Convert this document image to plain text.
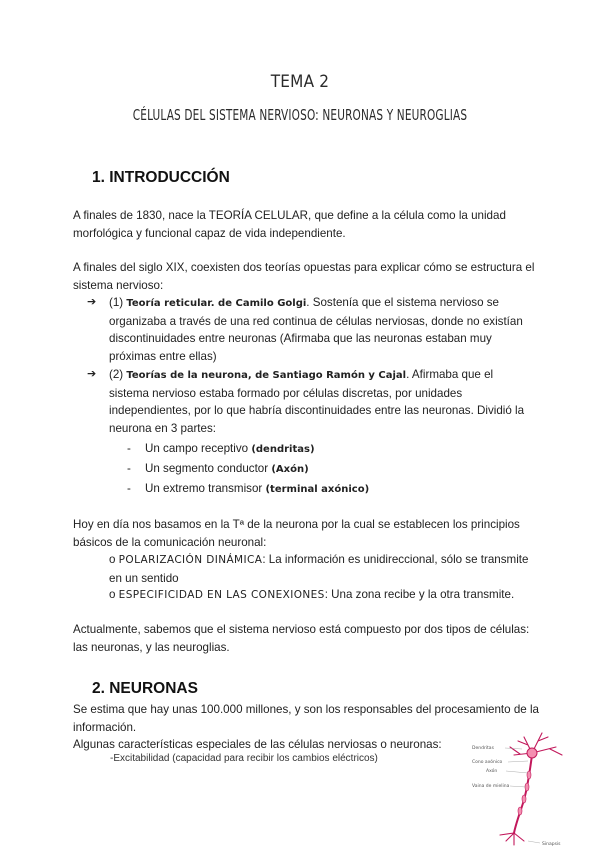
TEMA 2
CÉLULAS DEL SISTEMA NERVIOSO: NEURONAS Y NEUROGLIAS
1. INTRODUCCIÓN

A finales de 1830, nace la TEORÍA CELULAR, que define a la célula como la unidad morfológica y funcional capaz de vida independiente.

A finales del siglo XIX, coexisten dos teorías opuestas para explicar cómo se estructura el sistema nervioso:

➔ (1) Teoría reticular. de Camilo Golgi. Sostenía que el sistema nervioso se organizaba a través de una red continua de células nerviosas, donde no existían discontinuidades entre neuronas (Afirmaba que las neuronas estaban muy próximas entre ellas)
➔ (2) Teorías de la neurona, de Santiago Ramón y Cajal. Afirmaba que el sistema nervioso estaba formado por células discretas, por unidades independientes, por lo que habría discontinuidades entre las neuronas. Dividió la neurona en 3 partes:
- Un campo receptivo (dendritas)
- Un segmento conductor (Axón)
- Un extremo transmisor (terminal axónico)

Hoy en día nos basamos en la Tª de la neurona por la cual se establecen los principios básicos de la comunicación neuronal:

o POLARIZACIÓN DINÁMICA: La información es unidireccional, sólo se transmite en un sentido
o ESPECIFICIDAD EN LAS CONEXIONES: Una zona recibe y la otra transmite.

Actualmente, sabemos que el sistema nervioso está compuesto por dos tipos de células: las neuronas, y las neuroglias.

2. NEURONAS

Se estima que hay unas 100.000 millones, y son los responsables del procesamiento de la información.
Algunas características especiales de las células nerviosas o neuronas:

-Excitabilidad (capacidad para recibir los cambios eléctricos)
Dendritas
Cono axónico
Axón
Vaina de mielina
Sinapsis
